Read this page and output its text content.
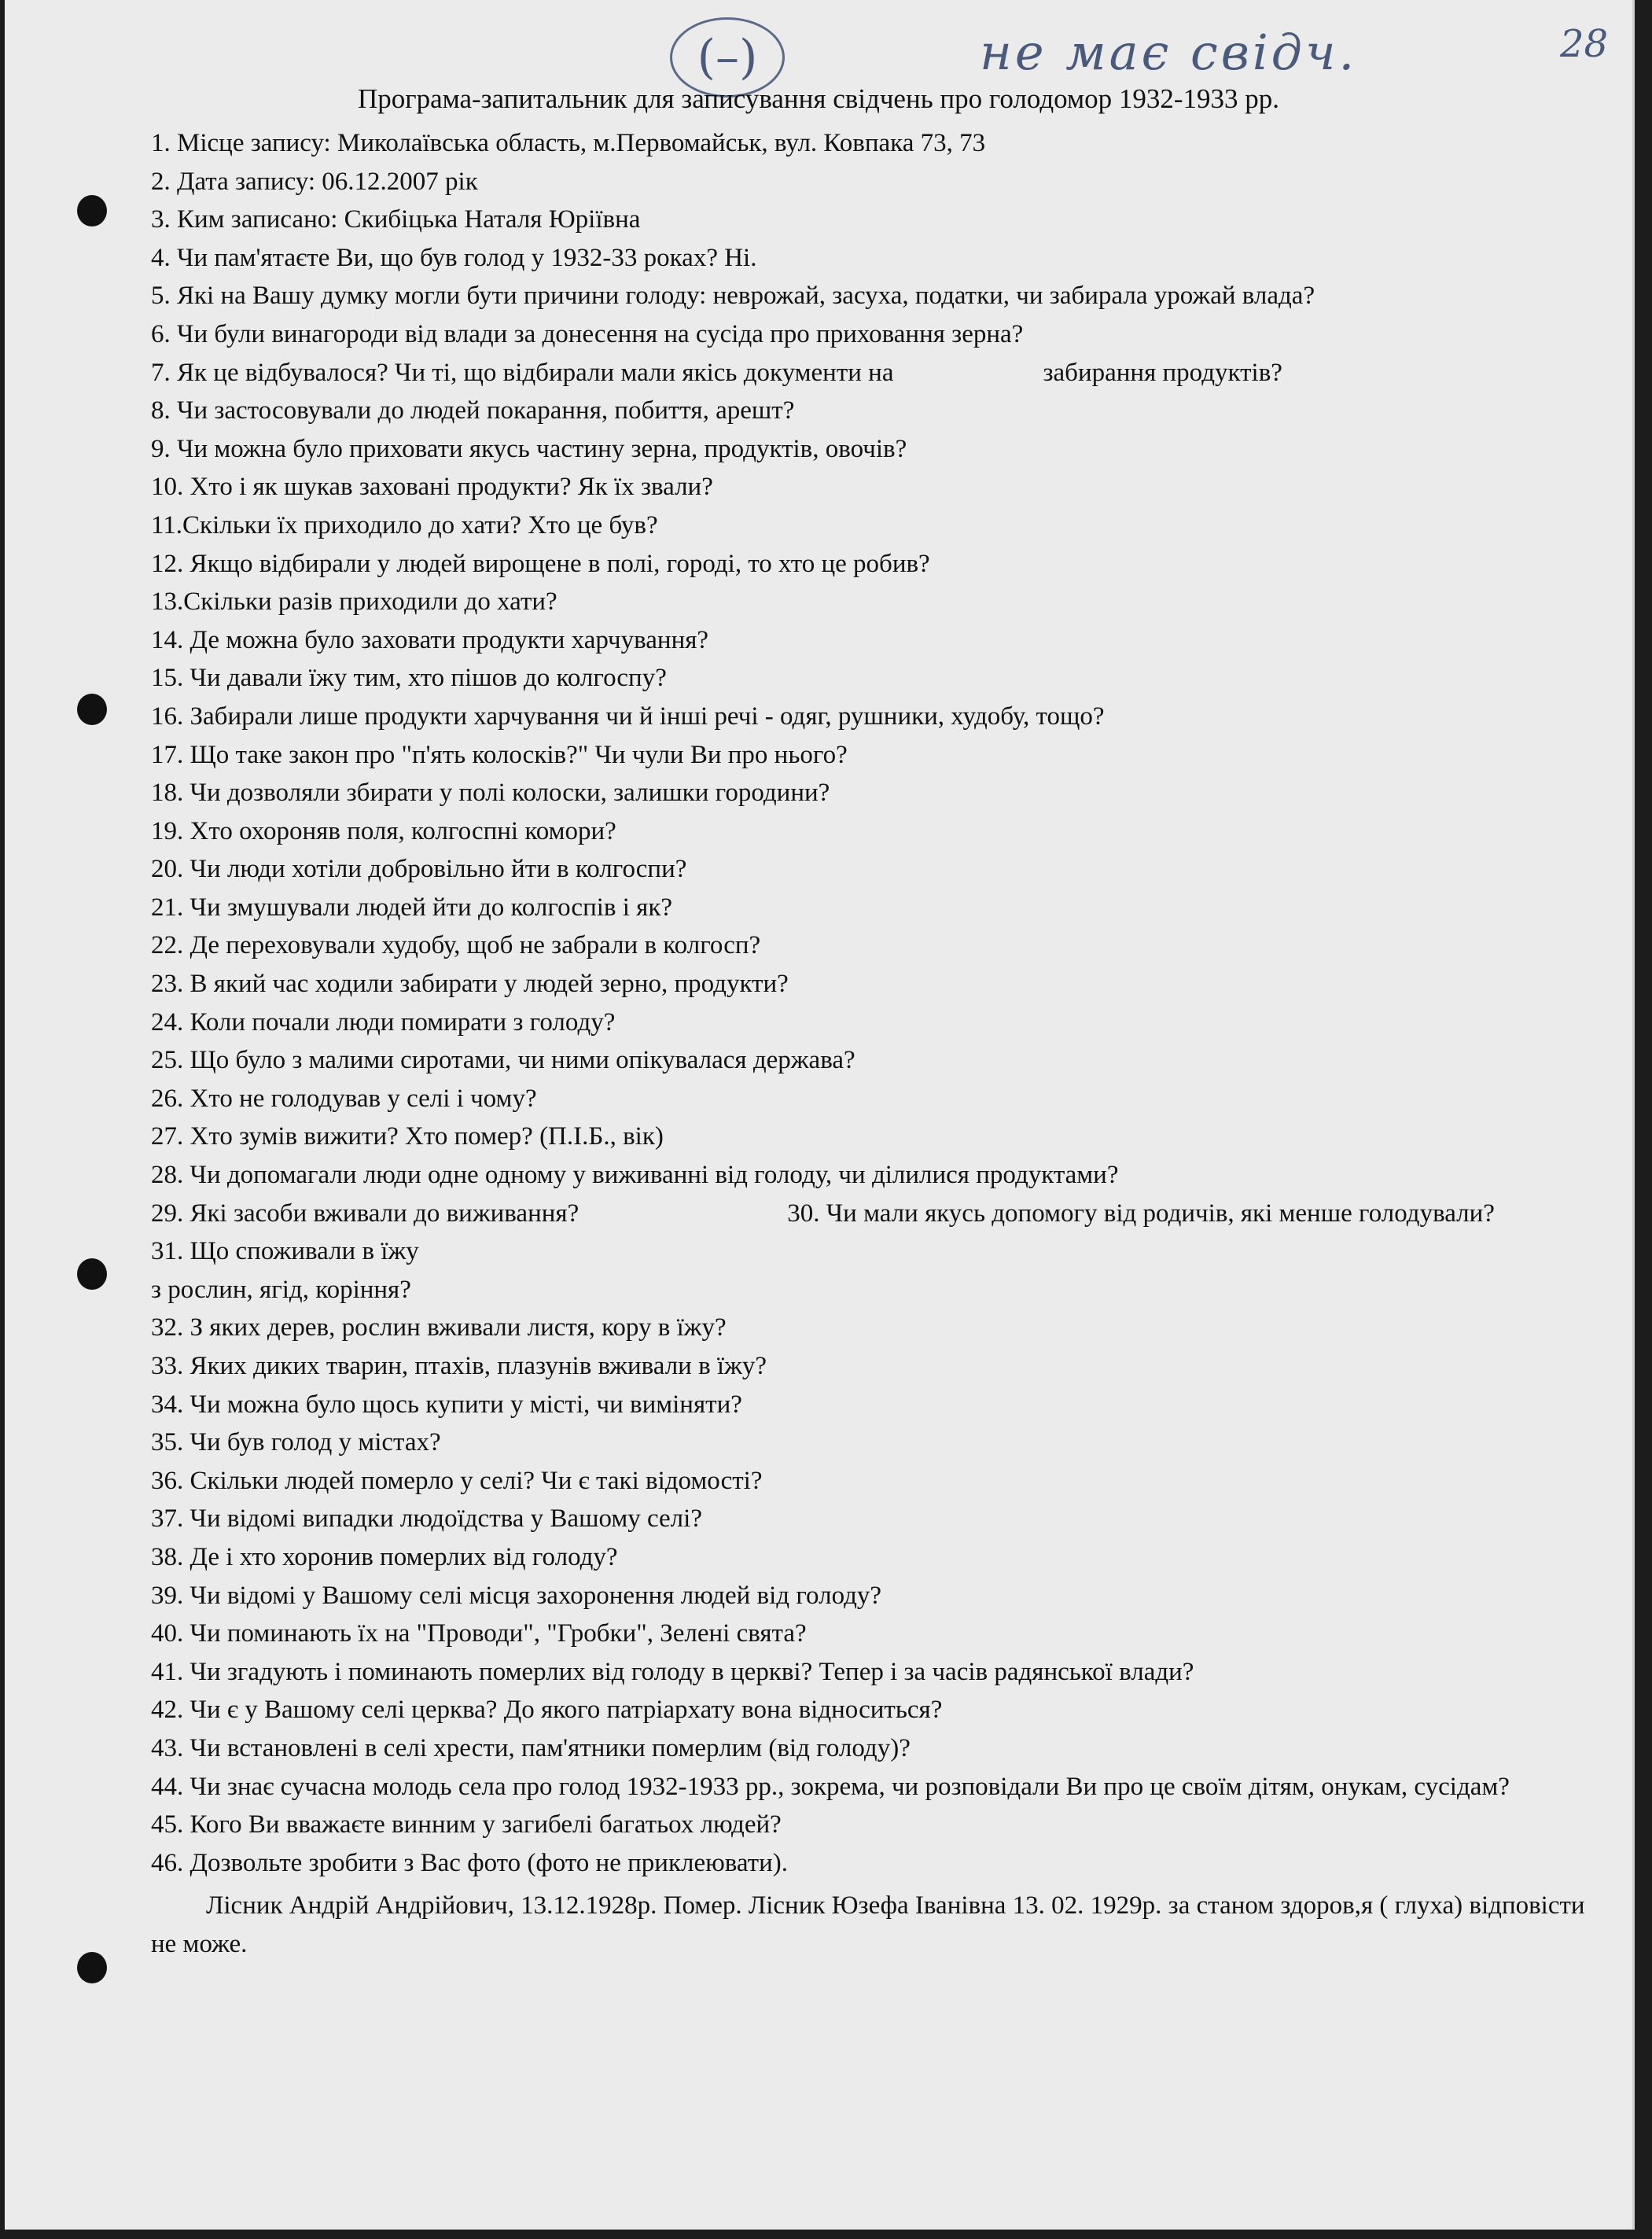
(–)	не має свідч.	28
Програма-запитальник для записування свідчень про голодомор 1932-1933 рр.
1. Місце запису: Миколаївська область, м.Первомайськ, вул. Ковпака 73, 73
2. Дата запису: 06.12.2007 рік
3. Ким записано: Скибіцька Наталя Юріївна
4. Чи пам'ятаєте Ви, що був голод у 1932-33 роках? Ні.
5. Які на Вашу думку могли бути причини голоду: неврожай, засуха, податки, чи забирала урожай влада?
6. Чи були винагороди від влади за донесення на сусіда про приховання зерна?
7. Як це відбувалося? Чи ті, що відбирали мали якісь документи на	забирання продуктів?
8. Чи застосовували до людей покарання, побиття, арешт?
9. Чи можна було приховати якусь частину зерна, продуктів, овочів?
10. Хто і як шукав заховані продукти? Як їх звали?
11.Скільки їх приходило до хати? Хто це був?
12. Якщо відбирали у людей вирощене в полі, городі, то хто це робив?
13.Скільки разів приходили до хати?
14. Де можна було заховати продукти харчування?
15. Чи давали їжу тим, хто пішов до колгоспу?
16. Забирали лише продукти харчування чи й інші речі - одяг, рушники, худобу, тощо?
17. Що таке закон про "п'ять колосків?" Чи чули Ви про нього?
18. Чи дозволяли збирати у полі колоски, залишки городини?
19. Хто охороняв поля, колгоспні комори?
20. Чи люди хотіли добровільно йти в колгоспи?
21. Чи змушували людей йти до колгоспів і як?
22. Де переховували худобу, щоб не забрали в колгосп?
23. В який час ходили забирати у людей зерно, продукти?
24. Коли почали люди помирати з голоду?
25. Що було з малими сиротами, чи ними опікувалася держава?
26. Хто не голодував у селі і чому?
27. Хто зумів вижити? Хто помер? (П.І.Б., вік)
28. Чи допомагали люди одне одному у виживанні від голоду, чи ділилися продуктами?
29. Які засоби вживали до виживання?	30. Чи мали якусь допомогу від родичів, які менше голодували?
31. Що споживали в їжу
з рослин, ягід, коріння?
32. З яких дерев, рослин вживали листя, кору в їжу?
33. Яких диких тварин, птахів, плазунів вживали в їжу?
34. Чи можна було щось купити у місті, чи виміняти?
35. Чи був голод у містах?
36. Скільки людей померло у селі? Чи є такі відомості?
37. Чи відомі випадки людоїдства у Вашому селі?
38. Де і хто хоронив померлих від голоду?
39. Чи відомі у Вашому селі місця захоронення людей від голоду?
40. Чи поминають їх на "Проводи", "Гробки", Зелені свята?
41. Чи згадують і поминають померлих від голоду в церкві? Тепер і за часів радянської влади?
42. Чи є у Вашому селі церква? До якого патріархату вона відноситься?
43. Чи встановлені в селі хрести, пам'ятники померлим (від голоду)?
44. Чи знає сучасна молодь села про голод 1932-1933 рр., зокрема, чи розповідали Ви про це своїм дітям, онукам, сусідам?
45. Кого Ви вважаєте винним у загибелі багатьох людей?
46. Дозвольте зробити з Вас фото (фото не приклеювати).
Лісник Андрій Андрійович, 13.12.1928р. Помер. Лісник Юзефа Іванівна 13. 02. 1929р. за станом здоров,я ( глуха) відповісти не може.
